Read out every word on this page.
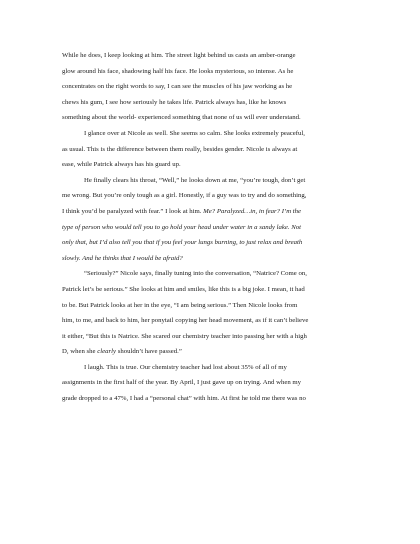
While he does, I keep looking at him. The street light behind us casts an amber-orange
glow around his face, shadowing half his face. He looks mysterious, so intense. As he
concentrates on the right words to say, I can see the muscles of his jaw working as he
chews his gum, I see how seriously he takes life. Patrick always has, like he knows
something about the world- experienced something that none of us will ever understand.
I glance over at Nicole as well. She seems so calm. She looks extremely peaceful,
as usual. This is the difference between them really, besides gender. Nicole is always at
ease, while Patrick always has his guard up.
He finally clears his throat, “Well,” he looks down at me, “you’re tough, don’t get
me wrong. But you’re only tough as a girl. Honestly, if a guy was to try and do something,
I think you’d be paralyzed with fear.” I look at him. Me? Paralyzed…in, in fear? I’m the
type of person who would tell you to go hold your head under water in a sandy lake. Not
only that, but I’d also tell you that if you feel your lungs burning, to just relax and breath
slowly. And he thinks that I would be afraid?
“Seriously?” Nicole says, finally tuning into the conversation, “Natrice? Come on,
Patrick let’s be serious.” She looks at him and smiles, like this is a big joke. I mean, it had
to be. But Patrick looks at her in the eye, “I am being serious.” Then Nicole looks from
him, to me, and back to him, her ponytail copying her head movement, as if it can’t believe
it either, “But this is Natrice. She scared our chemistry teacher into passing her with a high
D, when she clearly shouldn’t have passed.”
I laugh. This is true. Our chemistry teacher had lost about 35% of all of my
assignments in the first half of the year. By April, I just gave up on trying. And when my
grade dropped to a 47%, I had a “personal chat” with him. At first he told me there was no
